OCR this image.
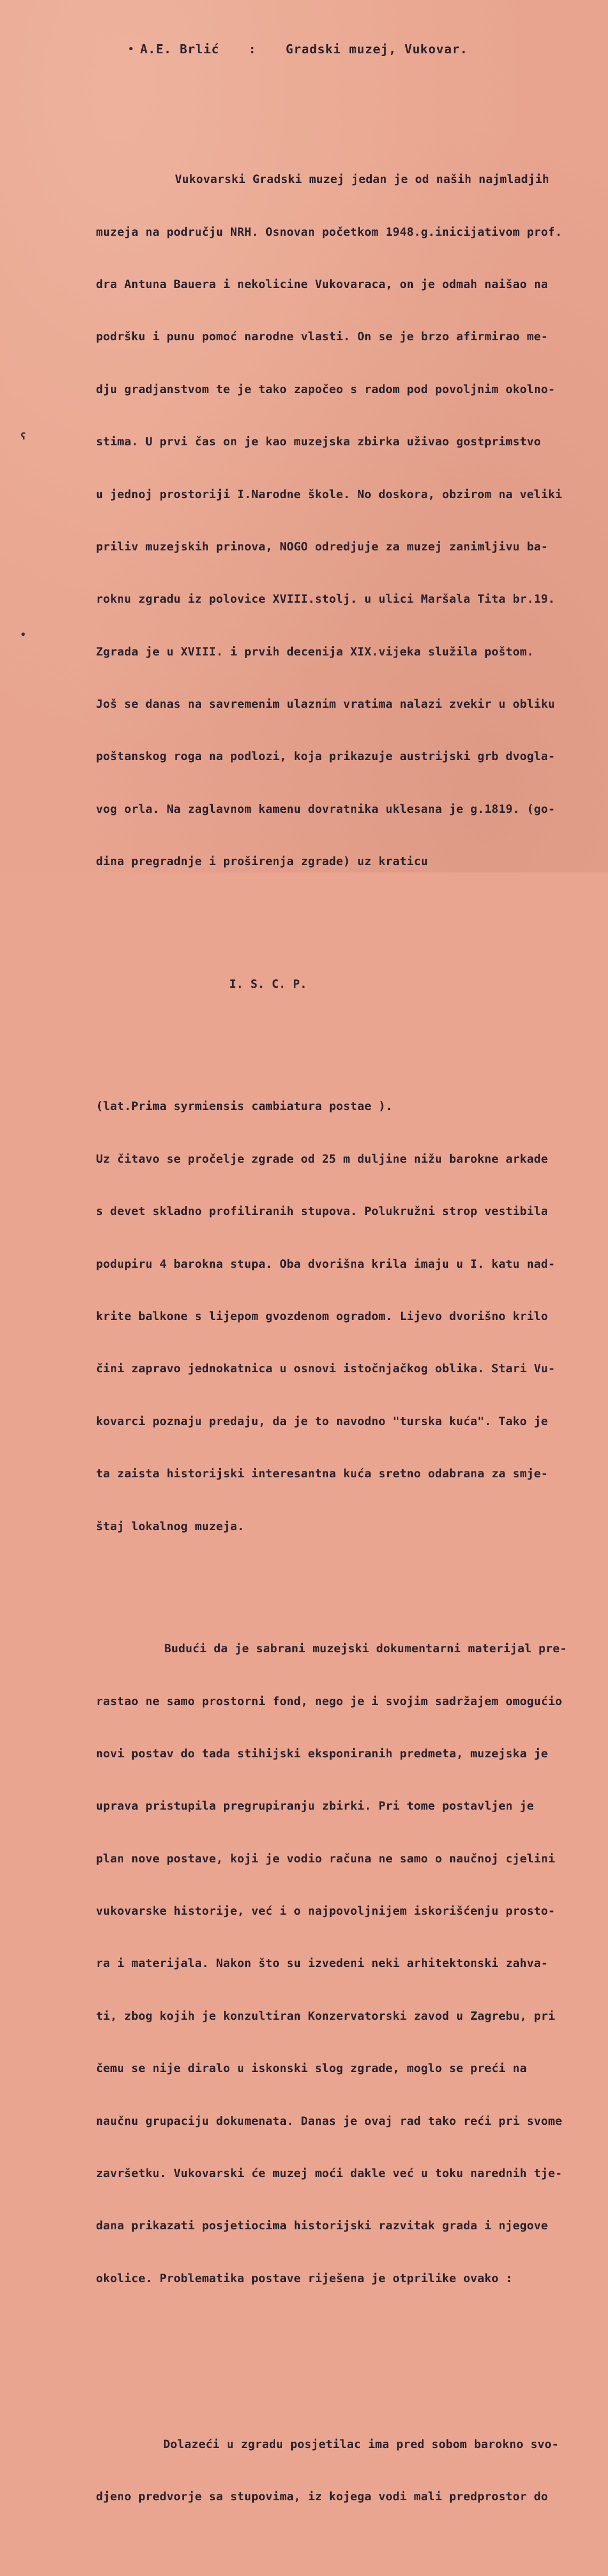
A.E. Brlić : Gradski muzej, Vukovar.
•
ʕ
•

Vukovarski Gradski muzej jedan je od naših najmladjih

muzeja na području NRH. Osnovan početkom 1948.g.inicijativom prof.

dra Antuna Bauera i nekolicine Vukovaraca, on je odmah naišao na

podršku i punu pomoć narodne vlasti. On se je brzo afirmirao me-

dju gradjanstvom te je tako započeo s radom pod povoljnim okolno-

stima. U prvi čas on je kao muzejska zbirka uživao gostprimstvo

u jednoj prostoriji I.Narodne škole. No doskora, obzirom na veliki

priliv muzejskih prinova, NOGO odredjuje za muzej zanimljivu ba-

roknu zgradu iz polovice XVIII.stolj. u ulici Maršala Tita br.19.

Zgrada je u XVIII. i prvih decenija XIX.vijeka služila poštom.

Još se danas na savremenim ulaznim vratima nalazi zvekir u obliku

poštanskog roga na podlozi, koja prikazuje austrijski grb dvogla-

vog orla. Na zaglavnom kamenu dovratnika uklesana je g.1819. (go-

dina pregradnje i proširenja zgrade) uz kraticu

I. S. C. P.

(lat.Prima syrmiensis cambiatura postae ).

Uz čitavo se pročelje zgrade od 25 m duljine nižu barokne arkade

s devet skladno profiliranih stupova. Polukružni strop vestibila

podupiru 4 barokna stupa. Oba dvorišna krila imaju u I. katu nad-

krite balkone s lijepom gvozdenom ogradom. Lijevo dvorišno krilo

čini zapravo jednokatnica u osnovi istočnjačkog oblika. Stari Vu-

kovarci poznaju predaju, da je to navodno "turska kuća". Tako je

ta zaista historijski interesantna kuća sretno odabrana za smje-

štaj lokalnog muzeja.

Budući da je sabrani muzejski dokumentarni materijal pre-

rastao ne samo prostorni fond, nego je i svojim sadržajem omogućio

novi postav do tada stihijski eksponiranih predmeta, muzejska je

uprava pristupila pregrupiranju zbirki. Pri tome postavljen je

plan nove postave, koji je vodio računa ne samo o naučnoj cjelini

vukovarske historije, već i o najpovoljnijem iskorišćenju prosto-

ra i materijala. Nakon što su izvedeni neki arhitektonski zahva-

ti, zbog kojih je konzultiran Konzervatorski zavod u Zagrebu, pri

čemu se nije diralo u iskonski slog zgrade, moglo se preći na

naučnu grupaciju dokumenata. Danas je ovaj rad tako reći pri svome

završetku. Vukovarski će muzej moći dakle već u toku narednih tje-

dana prikazati posjetiocima historijski razvitak grada i njegove

okolice. Problematika postave riješena je otprilike ovako :

Dolazeći u zgradu posjetilac ima pred sobom barokno svo-

djeno predvorje sa stupovima, iz kojega vodi mali predprostor do
